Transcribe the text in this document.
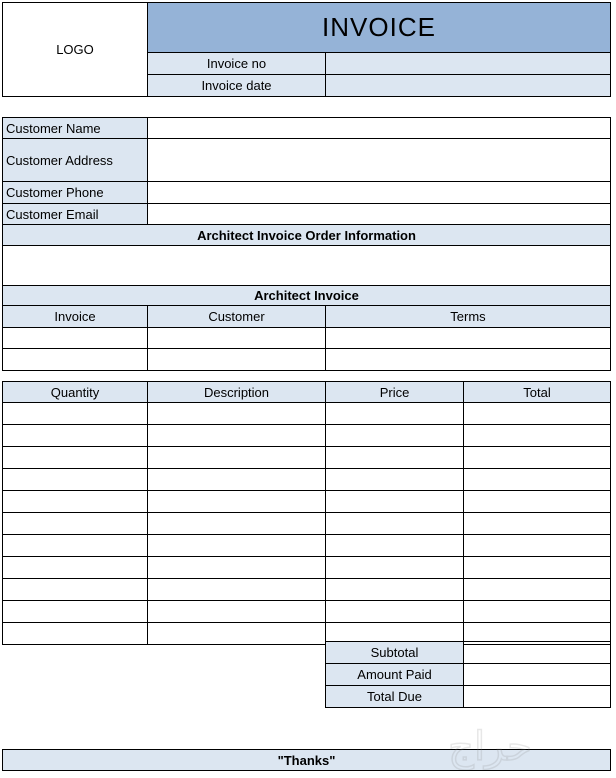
LOGO
INVOICE
Invoice no
Invoice date
Customer Name
Customer Address
Customer Phone
Customer Email
Architect Invoice Order Information
Architect Invoice
Invoice	Customer	Terms
Quantity	Description	Price	Total
Subtotal
Amount Paid
Total Due
"Thanks"	حراج
